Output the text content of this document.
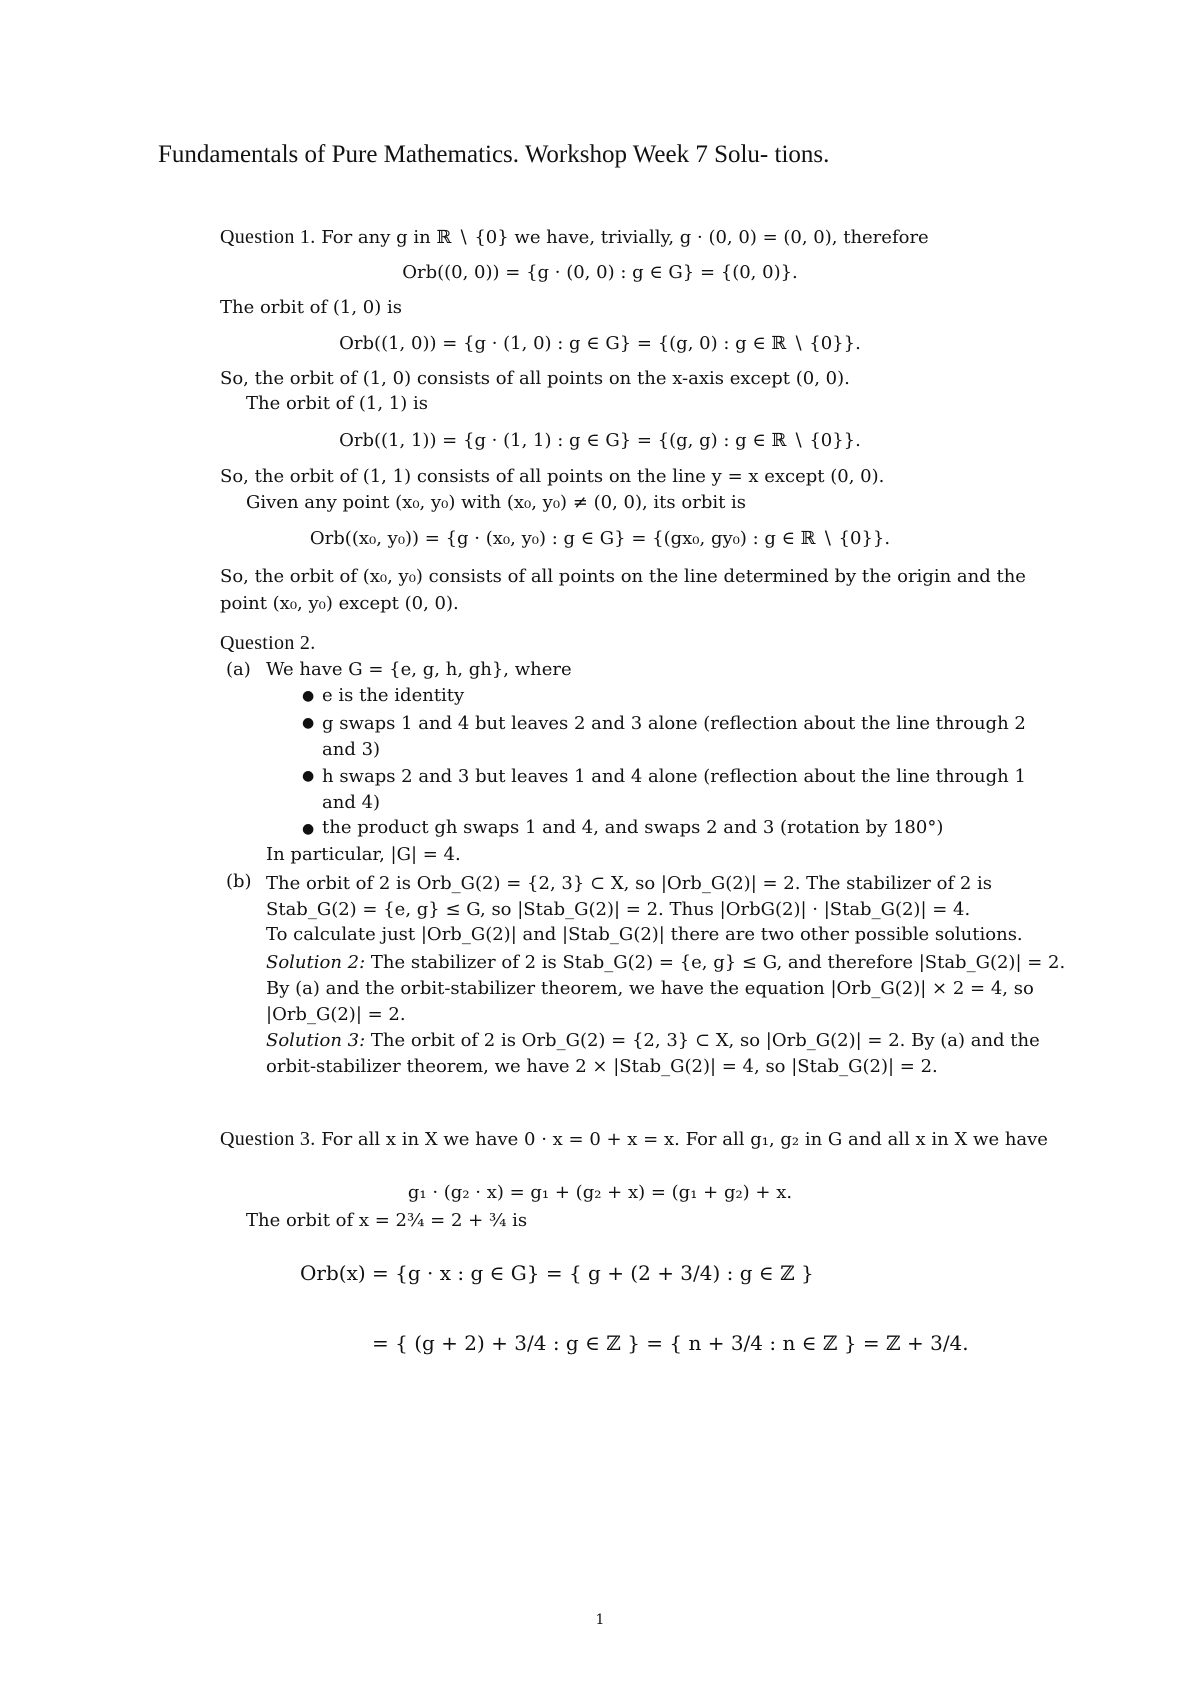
Fundamentals of Pure Mathematics. Workshop Week 7 Solu- tions.
Question 1. For any g in ℝ ∖ {0} we have, trivially, g · (0, 0) = (0, 0), therefore
Orb((0, 0)) = {g · (0, 0) : g ∈ G} = {(0, 0)}.
The orbit of (1, 0) is
Orb((1, 0)) = {g · (1, 0) : g ∈ G} = {(g, 0) : g ∈ ℝ ∖ {0}}.
So, the orbit of (1, 0) consists of all points on the x-axis except (0, 0).
The orbit of (1, 1) is
Orb((1, 1)) = {g · (1, 1) : g ∈ G} = {(g, g) : g ∈ ℝ ∖ {0}}.
So, the orbit of (1, 1) consists of all points on the line y = x except (0, 0).
Given any point (x₀, y₀) with (x₀, y₀) ≠ (0, 0), its orbit is
Orb((x₀, y₀)) = {g · (x₀, y₀) : g ∈ G} = {(gx₀, gy₀) : g ∈ ℝ ∖ {0}}.
So, the orbit of (x₀, y₀) consists of all points on the line determined by the origin and the point (x₀, y₀) except (0, 0).
Question 2.
(a) We have G = {e, g, h, gh}, where
● e is the identity
● g swaps 1 and 4 but leaves 2 and 3 alone (reflection about the line through 2 and 3)
● h swaps 2 and 3 but leaves 1 and 4 alone (reflection about the line through 1 and 4)
● the product gh swaps 1 and 4, and swaps 2 and 3 (rotation by 180°)
In particular, |G| = 4.
(b) The orbit of 2 is Orb_G(2) = {2, 3} ⊂ X, so |Orb_G(2)| = 2. The stabilizer of 2 is Stab_G(2) = {e, g} ≤ G, so |Stab_G(2)| = 2. Thus |OrbG(2)| · |Stab_G(2)| = 4.
To calculate just |Orb_G(2)| and |Stab_G(2)| there are two other possible solutions.
Solution 2: The stabilizer of 2 is Stab_G(2) = {e, g} ≤ G, and therefore |Stab_G(2)| = 2. By (a) and the orbit-stabilizer theorem, we have the equation |Orb_G(2)| × 2 = 4, so |Orb_G(2)| = 2.
Solution 3: The orbit of 2 is Orb_G(2) = {2, 3} ⊂ X, so |Orb_G(2)| = 2. By (a) and the orbit-stabilizer theorem, we have 2 × |Stab_G(2)| = 4, so |Stab_G(2)| = 2.
Question 3. For all x in X we have 0 · x = 0 + x = x. For all g₁, g₂ in G and all x in X we have
g₁ · (g₂ · x) = g₁ + (g₂ + x) = (g₁ + g₂) + x.
The orbit of x = 2¾ = 2 + ¾ is
Orb(x) = {g · x : g ∈ G} = { g + (2 + 3/4) : g ∈ ℤ }
= { (g + 2) + 3/4 : g ∈ ℤ } = { n + 3/4 : n ∈ ℤ } = ℤ + 3/4.
1
